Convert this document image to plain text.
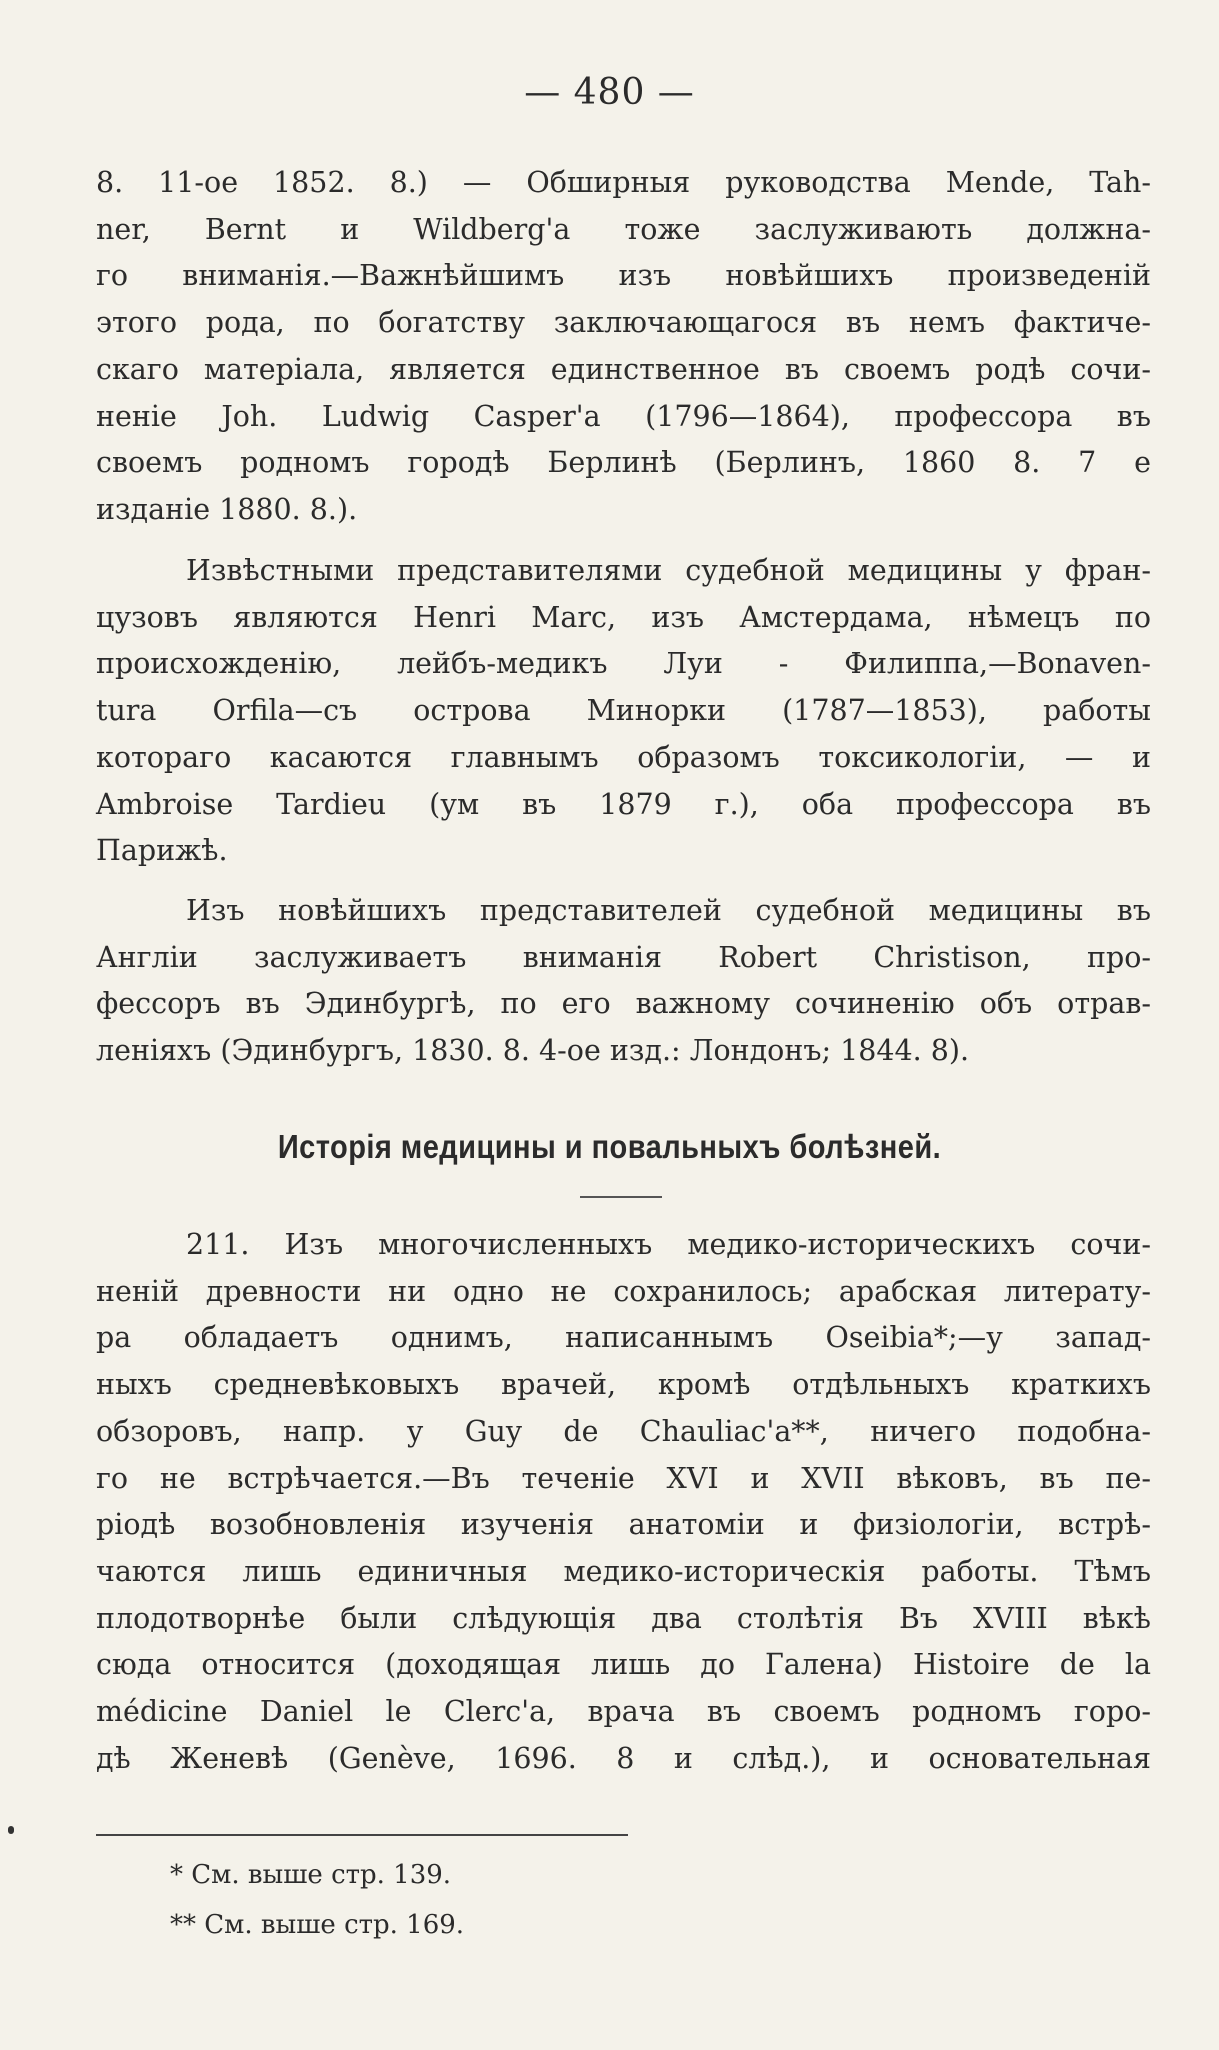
— 480 —
8. 11-ое 1852. 8.) — Обширныя руководства Mende, Tah-
ner, Bernt и Wildberg'a тоже заслуживають должна-
го вниманія.—Важнѣйшимъ изъ новѣйшихъ произведеній
этого рода, по богатству заключающагося въ немъ фактиче-
скаго матеріала, является единственное въ своемъ родѣ сочи-
неніе Joh. Ludwig Casper'a (1796—1864), профессора въ
своемъ родномъ городѣ Берлинѣ (Берлинъ, 1860 8. 7 е
изданіе 1880. 8.).
Извѣстными представителями судебной медицины у фран-
цузовъ являются Henri Marc, изъ Амстердама, нѣмецъ по
происхожденію, лейбъ-медикъ Луи - Филиппа,—Bonaven-
tura Orfila—съ острова Минорки (1787—1853), работы
котораго касаются главнымъ образомъ токсикологіи, — и
Ambroise Tardieu (ум въ 1879 г.), оба профессора въ
Парижѣ.
Изъ новѣйшихъ представителей судебной медицины въ
Англіи заслуживаетъ вниманія Robert Christison, про-
фессоръ въ Эдинбургѣ, по его важному сочиненію объ отрав-
леніяхъ (Эдинбургъ, 1830. 8. 4-ое изд.: Лондонъ; 1844. 8).
Исторія медицины и повальныхъ болѣзней.
211. Изъ многочисленныхъ медико-историческихъ сочи-
неній древности ни одно не сохранилось; арабская литерату-
ра обладаетъ однимъ, написаннымъ Oseibia*;—у запад-
ныхъ средневѣковыхъ врачей, кромѣ отдѣльныхъ краткихъ
обзоровъ, напр. у Guy de Chauliac'a**, ничего подобна-
го не встрѣчается.—Въ теченіе XVI и XVII вѣковъ, въ пе-
ріодѣ возобновленія изученія анатоміи и физіологіи, встрѣ-
чаются лишь единичныя медико-историческія работы. Тѣмъ
плодотворнѣе были слѣдующія два столѣтія Въ XVIII вѣкѣ
сюда относится (доходящая лишь до Галена) Histoire de la
médicine Daniel le Clerc'a, врача въ своемъ родномъ горо-
дѣ Женевѣ (Genève, 1696. 8 и слѣд.), и основательная
* См. выше стр. 139.
** См. выше стр. 169.
